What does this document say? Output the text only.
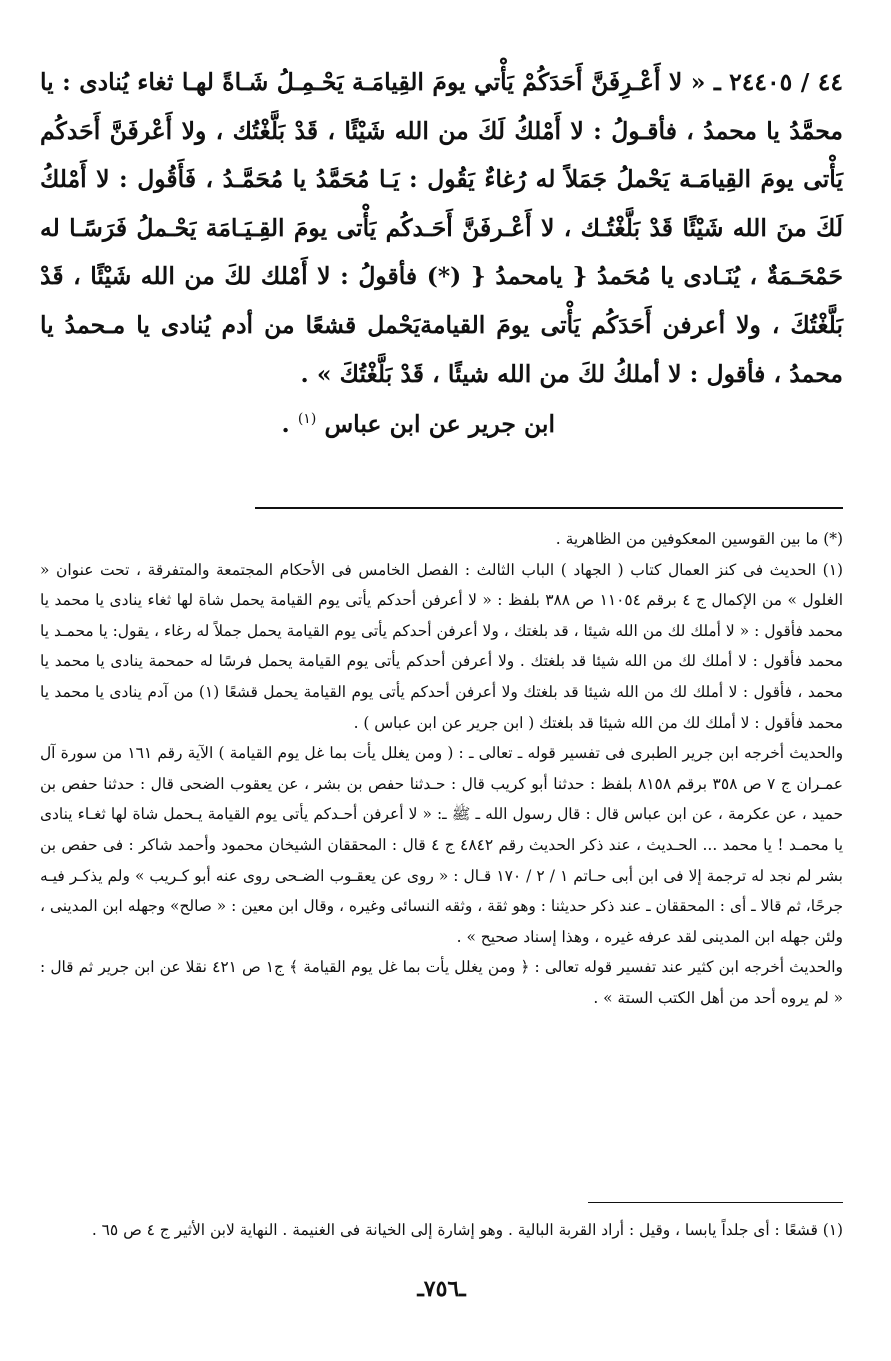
٤٤ / ٢٤٤٠٥ ـ « لا أَعْـرِفَنَّ أَحَدَكُمْ يَأْتي يومَ القِيامَـة يَحْـمِـلُ شَـاةً لهـا ثغاء يُنادى : يا محمَّدُ يا محمدُ ، فأقـولُ : لا أَمْلكُ لَكَ من الله شَيْئًا ، قَدْ بَلَّغْتُك ، ولا أَعْرفَنَّ أَحَدكُم يَأْتى يومَ القِيامَـة يَحْملُ جَمَلاً له رُغاءٌ يَقُول : يَـا مُحَمَّدُ يا مُحَمَّـدُ ، فَأَقُول : لا أَمْلكُ لَكَ منَ الله شَيْئًا قَدْ بَلَّغْتُـك ، لا أَعْـرفَنَّ أَحَـدكُم يَأْتى يومَ القِـيَـامَة يَحْـملُ فَرَسًـا له حَمْحَـمَةٌ ، يُنَـادى يا مُحَمدُ { يامحمدُ { (*) فأقولُ : لا أَمْلك لكَ من الله شَيْئًا ، قَدْ بَلَّغْتُكَ ، ولا أعرفن أَحَدَكُم يَأْتى يومَ القيامةيَحْمل قشعًا من أدم يُنادى يا مـحمدُ يا محمدُ ، فأقول : لا أملكُ لكَ من الله شيئًا ، قَدْ بَلَّغْتُكَ » .

ابن جرير عن ابن عباس $^{(١)}$ .

(*) ما بين القوسين المعكوفين من الظاهرية .

(١) الحديث فى كنز العمال كتاب ( الجهاد ) الباب الثالث : الفصل الخامس فى الأحكام المجتمعة والمتفرقة ، تحت عنوان « الغلول » من الإكمال ج ٤ برقم ١١٠٥٤ ص ٣٨٨ بلفظ : « لا أعرفن أحدكم يأتى يوم القيامة يحمل شاة لها ثغاء ينادى يا محمد يا محمد فأقول : « لا أملك لك من الله شيئا ، قد بلغتك ، ولا أعرفن أحدكم يأتى يوم القيامة يحمل جملاً له رغاء ، يقول: يا محمـد يا محمد فأقول : لا أملك لك من الله شيئا قد بلغتك . ولا أعرفن أحدكم يأتى يوم القيامة يحمل فرسًا له حمحمة ينادى يا محمد يا محمد ، فأقول : لا أملك لك من الله شيئا قد بلغتك ولا أعرفن أحدكم يأتى يوم القيامة يحمل قشعًا (١) من آدم ينادى يا محمد يا محمد فأقول : لا أملك لك من الله شيئا قد بلغتك ( ابن جرير عن ابن عباس ) .

والحديث أخرجه ابن جرير الطبرى فى تفسير قوله ـ تعالى ـ : ( ومن يغلل يأت بما غل يوم القيامة ) الآية رقم ١٦١ من سورة آل عمـران ج ٧ ص ٣٥٨ برقم ٨١٥٨ بلفظ : حدثنا أبو كريب قال : حـدثنا حفص بن بشر ، عن يعقوب الضحى قال : حدثنا حفص بن حميد ، عن عكرمة ، عن ابن عباس قال : قال رسول الله ـ ﷺ ـ: « لا أعرفن أحـدكم يأتى يوم القيامة يـحمل شاة لها ثغـاء ينادى يا محمـد ! يا محمد ... الحـديث ، عند ذكر الحديث رقم ٤٨٤٢ ج ٤ قال : المحققان الشيخان محمود وأحمد شاكر : فى حفص بن بشر لم نجد له ترجمة إلا فى ابن أبى حـاتم ١ / ٢ / ١٧٠ قـال : « روى عن يعقـوب الضـحى روى عنه أبو كـريب » ولم يذكـر فيـه جرحًا، ثم قالا ـ أى : المحققان ـ عند ذكر حديثنا : وهو ثقة ، وثقه النسائى وغيره ، وقال ابن معين : « صالح» وجهله ابن المدينى ، ولئن جهله ابن المدينى لقد عرفه غيره ، وهذا إسناد صحيح » .

والحديث أخرجه ابن كثير عند تفسير قوله تعالى : ﴿ ومن يغلل يأت بما غل يوم القيامة ﴾ ج١ ص ٤٢١ نقلا عن ابن جرير ثم قال : « لم يروه أحد من أهل الكتب الستة » .

(١) قشعًا : أى جلداً يابسا ، وقيل : أراد القربة البالية . وهو إشارة إلى الخيانة فى الغنيمة . النهاية لابن الأثير ج ٤ ص ٦٥ .
ـ٧٥٦ـ
